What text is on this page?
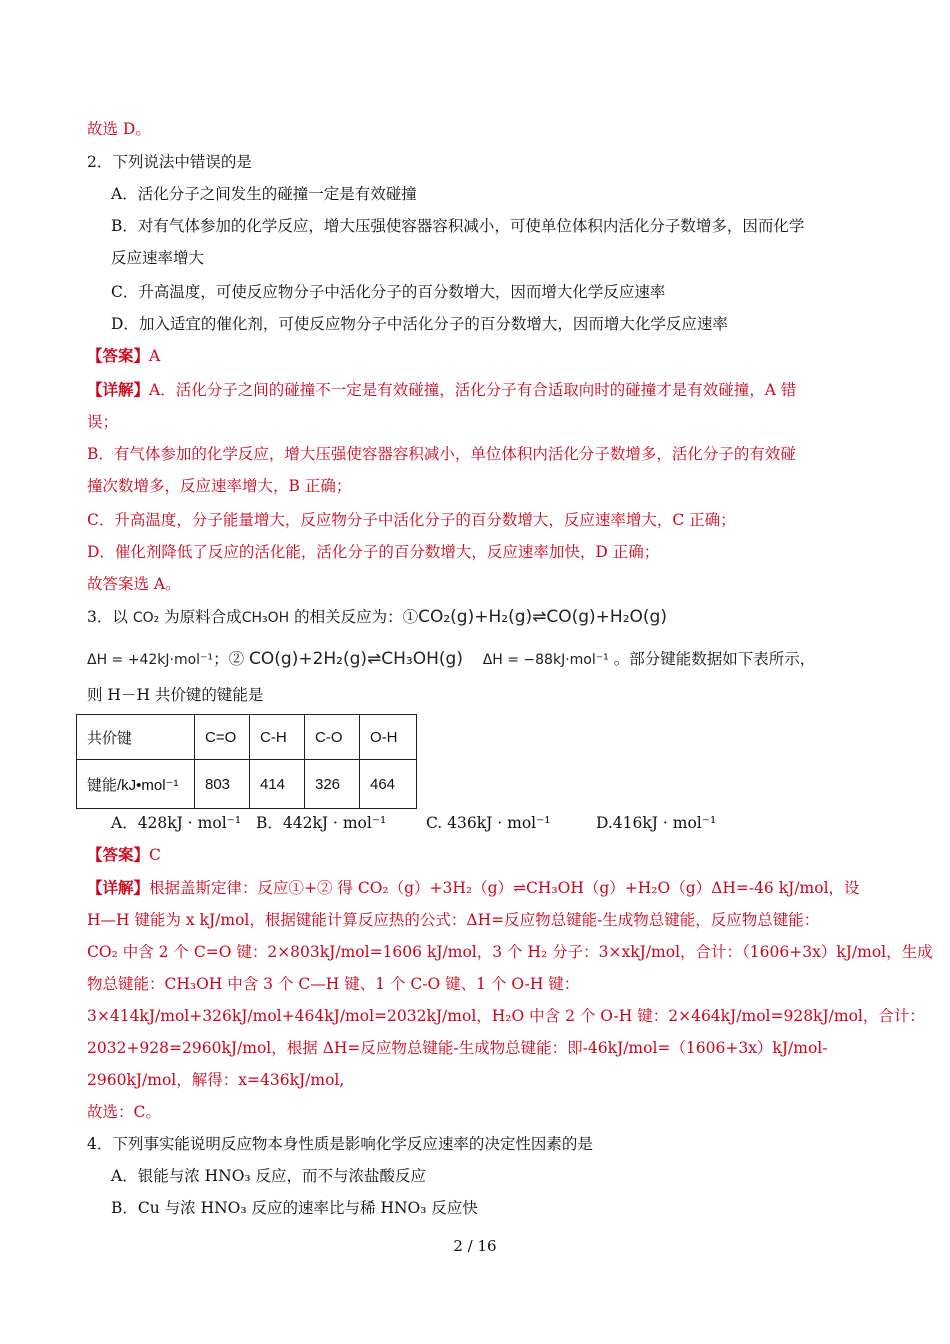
故选 D。
2．下列说法中错误的是
A．活化分子之间发生的碰撞一定是有效碰撞
B．对有气体参加的化学反应，增大压强使容器容积减小，可使单位体积内活化分子数增多，因而化学
反应速率增大
C．升高温度，可使反应物分子中活化分子的百分数增大，因而增大化学反应速率
D．加入适宜的催化剂，可使反应物分子中活化分子的百分数增大，因而增大化学反应速率
【答案】A
【详解】A．活化分子之间的碰撞不一定是有效碰撞，活化分子有合适取向时的碰撞才是有效碰撞，A 错
误；
B．有气体参加的化学反应，增大压强使容器容积减小，单位体积内活化分子数增多，活化分子的有效碰
撞次数增多，反应速率增大，B 正确；
C．升高温度，分子能量增大，反应物分子中活化分子的百分数增大，反应速率增大，C 正确；
D．催化剂降低了反应的活化能，活化分子的百分数增大，反应速率加快，D 正确；
故答案选 A。
3．以 CO₂ 为原料合成CH₃OH 的相关反应为：①CO₂(g)+H₂(g)⇌CO(g)+H₂O(g)
ΔH = +42kJ·mol⁻¹；② CO(g)+2H₂(g)⇌CH₃OH(g) ΔH = −88kJ·mol⁻¹ 。部分键能数据如下表所示，
则 H－H 共价键的键能是
共价键	C=O	C-H	C-O	O-H
键能/kJ•mol⁻¹	803	414	326	464
A．428kJ · mol⁻¹ B．442kJ · mol⁻¹	C. 436kJ · mol⁻¹	D.416kJ · mol⁻¹
【答案】C
【详解】根据盖斯定律：反应①+② 得 CO₂（g）+3H₂（g）⇌CH₃OH（g）+H₂O（g）ΔH=-46 kJ/mol，设
H—H 键能为 x kJ/mol，根据键能计算反应热的公式：ΔH=反应物总键能-生成物总键能，反应物总键能：
CO₂ 中含 2 个 C=O 键：2×803kJ/mol=1606 kJ/mol，3 个 H₂ 分子：3×xkJ/mol，合计：（1606+3x）kJ/mol，生成
物总键能：CH₃OH 中含 3 个 C—H 键、1 个 C-O 键、1 个 O-H 键：
3×414kJ/mol+326kJ/mol+464kJ/mol=2032kJ/mol，H₂O 中含 2 个 O-H 键：2×464kJ/mol=928kJ/mol，合计：
2032+928=2960kJ/mol，根据 ΔH=反应物总键能-生成物总键能：即-46kJ/mol=（1606+3x）kJ/mol-
2960kJ/mol，解得：x=436kJ/mol,
故选：C。
4．下列事实能说明反应物本身性质是影响化学反应速率的决定性因素的是
A．银能与浓 HNO₃ 反应，而不与浓盐酸反应
B．Cu 与浓 HNO₃ 反应的速率比与稀 HNO₃ 反应快
2 / 16
